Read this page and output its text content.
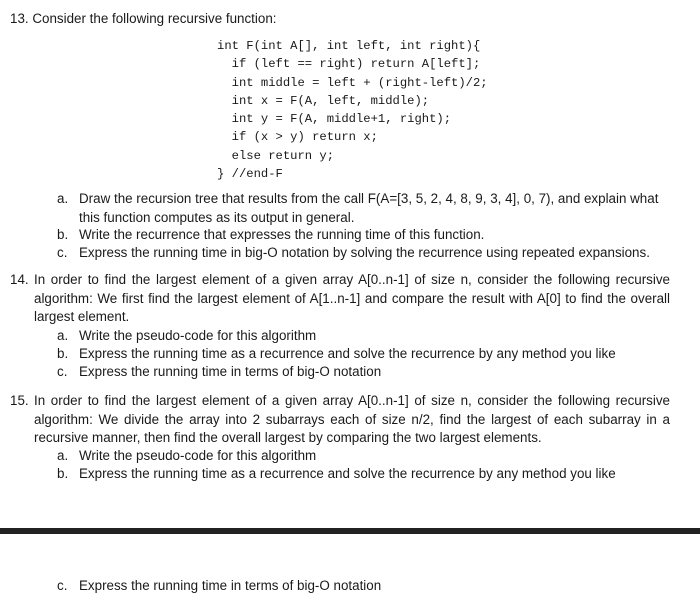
13. Consider the following recursive function:
int F(int A[], int left, int right){
if (left == right) return A[left];
int middle = left + (right-left)/2;
int x = F(A, left, middle);
int y = F(A, middle+1, right);
if (x > y) return x;
else return y;
} //end-F
a. Draw the recursion tree that results from the call F(A=[3, 5, 2, 4, 8, 9, 3, 4], 0, 7), and explain what this function computes as its output in general.
b. Write the recurrence that expresses the running time of this function.
c. Express the running time in big-O notation by solving the recurrence using repeated expansions.
14. In order to find the largest element of a given array A[0..n-1] of size n, consider the following recursive algorithm: We first find the largest element of A[1..n-1] and compare the result with A[0] to find the overall largest element.
a. Write the pseudo-code for this algorithm
b. Express the running time as a recurrence and solve the recurrence by any method you like
c. Express the running time in terms of big-O notation
15. In order to find the largest element of a given array A[0..n-1] of size n, consider the following recursive algorithm: We divide the array into 2 subarrays each of size n/2, find the largest of each subarray in a recursive manner, then find the overall largest by comparing the two largest elements.
a. Write the pseudo-code for this algorithm
b. Express the running time as a recurrence and solve the recurrence by any method you like
c. Express the running time in terms of big-O notation
